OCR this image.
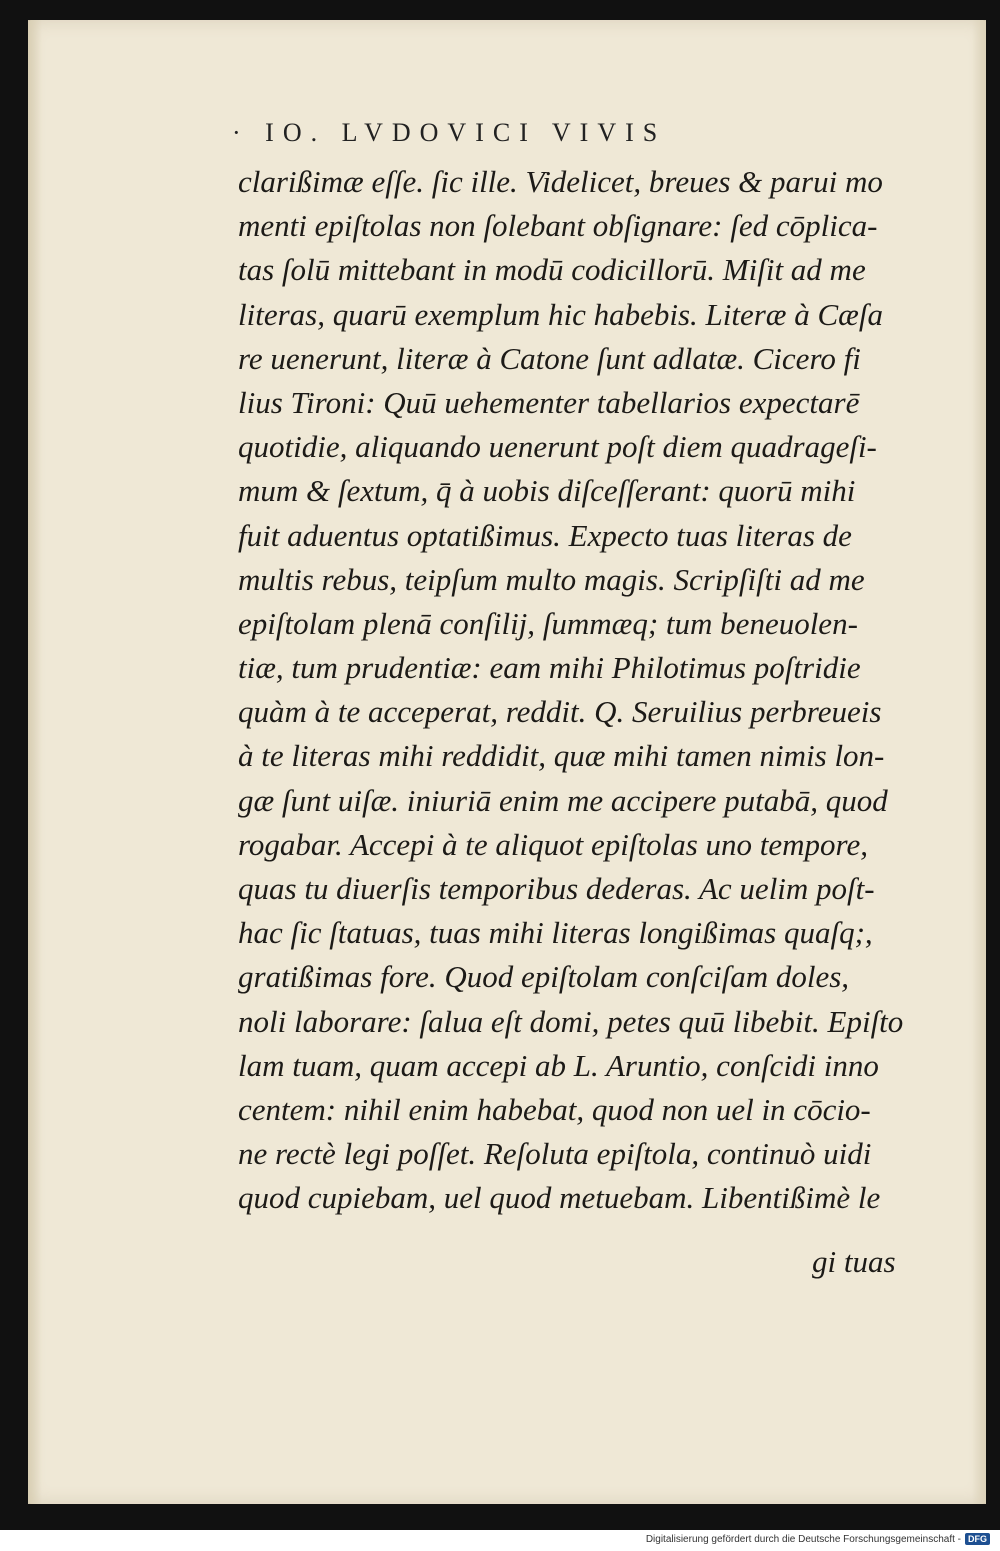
· IO. LVDOVICI VIVIS
clarißimæ eſſe. ſic ille. Videlicet, breues & parui mo
menti epiſtolas non ſolebant obſignare: ſed cōplica-
tas ſolū mittebant in modū codicillorū. Miſit ad me
literas, quarū exemplum hic habebis. Literæ à Cæſa
re uenerunt, literæ à Catone ſunt adlatæ. Cicero fi
lius Tironi: Quū uehementer tabellarios expectarē
quotidie, aliquando uenerunt poſt diem quadrageſi-
mum & ſextum, q̄ à uobis diſceſſerant: quorū mihi
fuit aduentus optatißimus. Expecto tuas literas de
multis rebus, teipſum multo magis. Scripſiſti ad me
epiſtolam plenā conſilij, ſummæq; tum beneuolen-
tiæ, tum prudentiæ: eam mihi Philotimus poſtridie
quàm à te acceperat, reddit. Q. Seruilius perbreueis
à te literas mihi reddidit, quæ mihi tamen nimis lon-
gæ ſunt uiſæ. iniuriā enim me accipere putabā, quod
rogabar. Accepi à te aliquot epiſtolas uno tempore,
quas tu diuerſis temporibus dederas. Ac uelim poſt-
hac ſic ſtatuas, tuas mihi literas longißimas quaſq;,
gratißimas fore. Quod epiſtolam conſciſam doles,
noli laborare: ſalua eſt domi, petes quū libebit. Epiſto
lam tuam, quam accepi ab L. Aruntio, conſcidi inno
centem: nihil enim habebat, quod non uel in cōcio-
ne rectè legi poſſet. Reſoluta epiſtola, continuò uidi
quod cupiebam, uel quod metuebam. Libentißimè le
gi tuas
Digitalisierung gefördert durch die Deutsche Forschungsgemeinschaft - DFG
